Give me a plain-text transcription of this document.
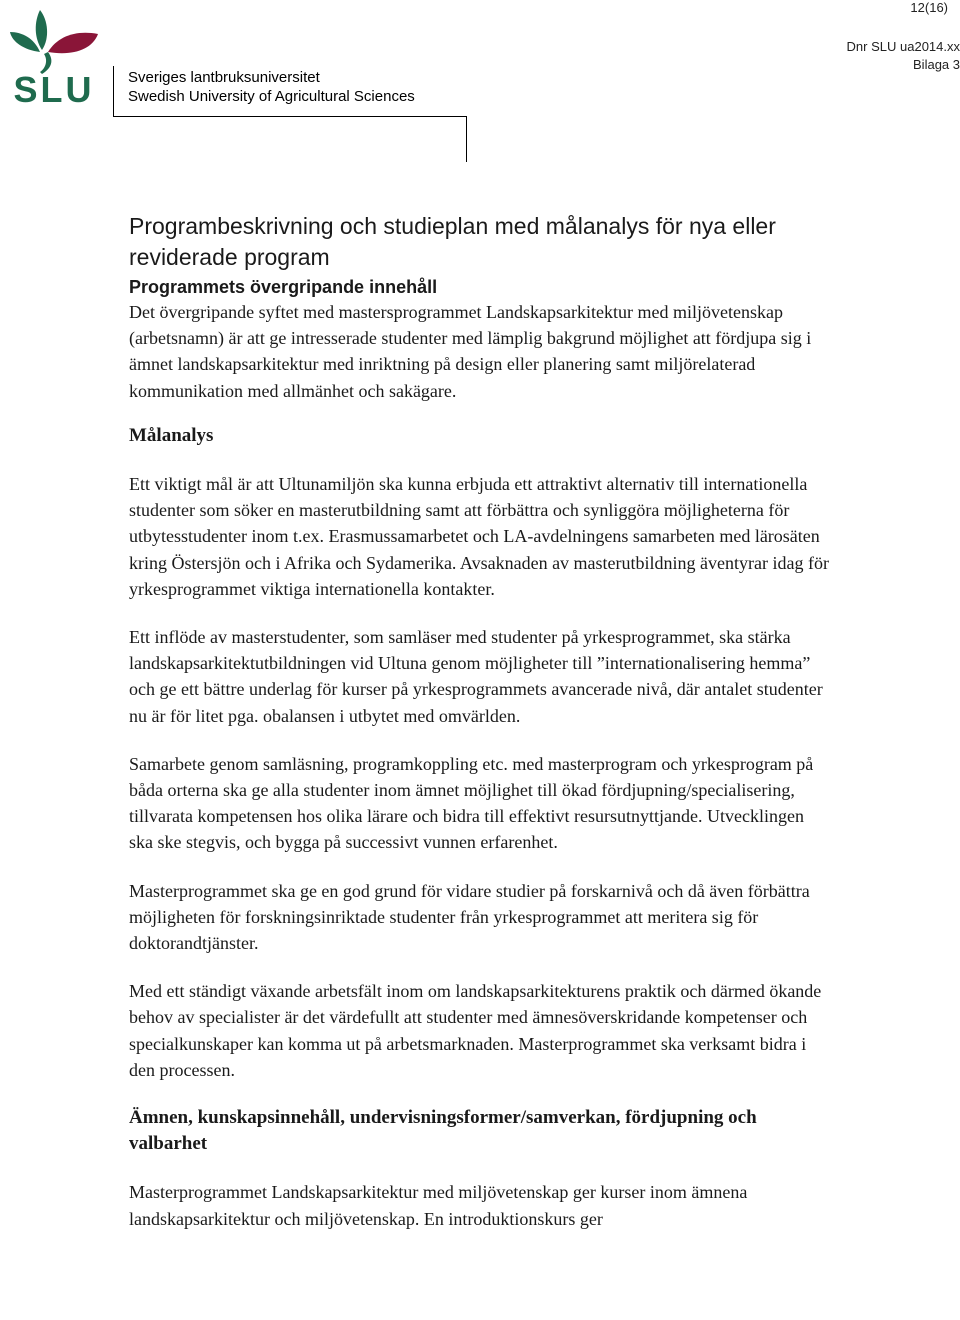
12(16)
Dnr SLU ua2014.xx
Bilaga 3
SLU Sveriges lantbruksuniversitet
Swedish University of Agricultural Sciences
Programbeskrivning och studieplan med målanalys för nya eller reviderade program
Programmets övergripande innehåll

Det övergripande syftet med mastersprogrammet Landskapsarkitektur med miljövetenskap (arbetsnamn) är att ge intresserade studenter med lämplig bakgrund möjlighet att fördjupa sig i ämnet landskapsarkitektur med inriktning på design eller planering samt miljörelaterad kommunikation med allmänhet och sakägare.

Målanalys

Ett viktigt mål är att Ultunamiljön ska kunna erbjuda ett attraktivt alternativ till internationella studenter som söker en masterutbildning samt att förbättra och synliggöra möjligheterna för utbytesstudenter inom t.ex. Erasmussamarbetet och LA-avdelningens samarbeten med lärosäten kring Östersjön och i Afrika och Sydamerika. Avsaknaden av masterutbildning äventyrar idag för yrkesprogrammet viktiga internationella kontakter.

Ett inflöde av masterstudenter, som samläser med studenter på yrkesprogrammet, ska stärka landskapsarkitektutbildningen vid Ultuna genom möjligheter till ”internationalisering hemma” och ge ett bättre underlag för kurser på yrkesprogrammets avancerade nivå, där antalet studenter nu är för litet pga. obalansen i utbytet med omvärlden.

Samarbete genom samläsning, programkoppling etc. med masterprogram och yrkesprogram på båda orterna ska ge alla studenter inom ämnet möjlighet till ökad fördjupning/specialisering, tillvarata kompetensen hos olika lärare och bidra till effektivt resursutnyttjande. Utvecklingen ska ske stegvis, och bygga på successivt vunnen erfarenhet.

Masterprogrammet ska ge en god grund för vidare studier på forskarnivå och då även förbättra möjligheten för forskningsinriktade studenter från yrkesprogrammet att meritera sig för doktorandtjänster.

Med ett ständigt växande arbetsfält inom om landskapsarkitekturens praktik och därmed ökande behov av specialister är det värdefullt att studenter med ämnesöverskridande kompetenser och specialkunskaper kan komma ut på arbetsmarknaden. Masterprogrammet ska verksamt bidra i den processen.

Ämnen, kunskapsinnehåll, undervisningsformer/samverkan, fördjupning och valbarhet

Masterprogrammet Landskapsarkitektur med miljövetenskap ger kurser inom ämnena landskapsarkitektur och miljövetenskap. En introduktionskurs ger
